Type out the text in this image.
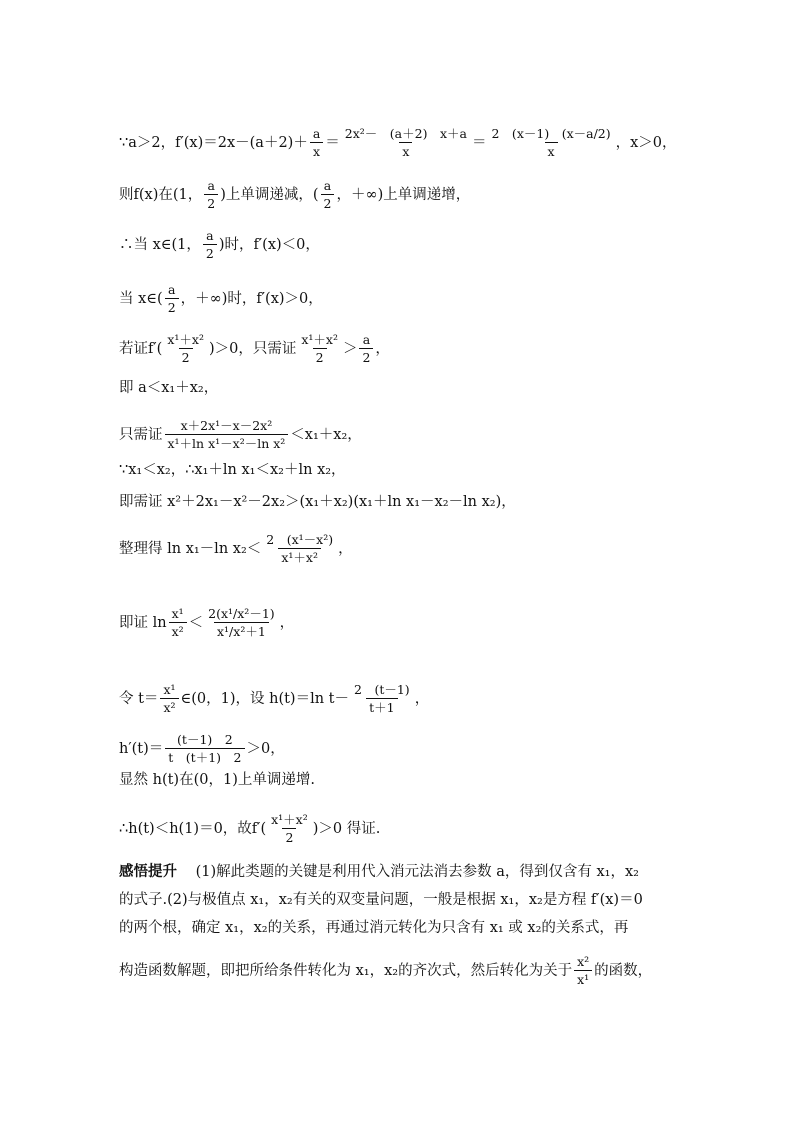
∵a＞2，$f'(x)=2x-(a+2)+ \frac{a}{x} = \frac{\text{2x²－　(a＋2)　x＋a}}{x} = \frac{2 (x-1) (x-a/2)}{x}$ ，x＞0，
则f(x)在(1， $\frac{a}{2}$ )上单调递减，( $\frac{a}{2}$ ，＋∞)上单调递增，
∴当 x∈(1， $\frac{a}{2}$ )时，f′(x)＜0，
当 x∈( $\frac{a}{2}$ ，＋∞)时，f′(x)＞0，
若证$f'( \frac{\text{x¹＋x²}}{2} )>0$，只需证 $\frac{\text{x¹＋x²}}{2} > \frac{a}{2}$ ，
即 a＜x₁＋x₂，
只需证 $\frac{\text{x＋2x¹－x－2x²}}{\text{x¹＋ln x¹－x²－ln x²}} <x_1+x_2$，
∵x₁＜x₂，∴x₁＋ln x₁＜x₂＋ln x₂，
即需证 x²＋2x₁－x²－2x₂＞(x₁＋x₂)(x₁＋ln x₁－x₂－ln x₂)，
整理得 ln x₁－ln $x_2< \frac{\text{2　(x¹－x²)}}{\text{x¹＋x²}}$ ，
即证 $\ln \frac{\text{x¹}}{\text{x²}} < \frac{\text{2(x¹/x²－1)}}{\text{x¹/x²＋1}}$ ，
令 $t= \frac{\text{x¹}}{\text{x²}}$ ∈(0，1)，设 h(t)＝ln $t- \frac{2 (t-1)}{t+1}$ ，
$h'(t)= \frac{(t-1) 2}{t (t+1) 2} >0$，
显然 h(t)在(0，1)上单调递增.
∴h(t)＜h(1)＝0，故$f'( \frac{\text{x¹＋x²}}{2} )>0$ 得证.
感悟提升 (1)解此类题的关键是利用代入消元法消去参数 a，得到仅含有 x₁，x₂
的式子.(2)与极值点 x₁，x₂有关的双变量问题，一般是根据 x₁，x₂是方程 f′(x)＝0
的两个根，确定 x₁，x₂的关系，再通过消元转化为只含有 x₁ 或 x₂的关系式，再
构造函数解题，即把所给条件转化为 x₁，x₂的齐次式，然后转化为关于 $\frac{\text{x²}}{\text{x¹}}$ 的函数，
